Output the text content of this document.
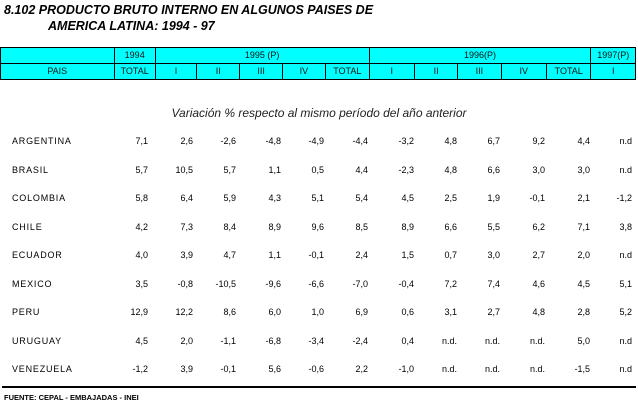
8.102 PRODUCTO BRUTO INTERNO EN ALGUNOS PAISES DE
AMERICA LATINA: 1994 - 97
	1994	1995 (P)					1996(P)					1997(P)
PAIS	TOTAL	I	II	III	IV	TOTAL	I	II	III	IV	TOTAL	I
Variación % respecto al mismo período del año anterior
ARGENTINA	7,1	2,6	-2,6	-4,8	-4,9	-4,4	-3,2	4,8	6,7	9,2	4,4	n.d
BRASIL	5,7	10,5	5,7	1,1	0,5	4,4	-2,3	4,8	6,6	3,0	3,0	n.d
COLOMBIA	5,8	6,4	5,9	4,3	5,1	5,4	4,5	2,5	1,9	-0,1	2,1	-1,2
CHILE	4,2	7,3	8,4	8,9	9,6	8,5	8,9	6,6	5,5	6,2	7,1	3,8
ECUADOR	4,0	3,9	4,7	1,1	-0,1	2,4	1,5	0,7	3,0	2,7	2,0	n.d
MEXICO	3,5	-0,8 -10,5	-9,6	-6,6	-7,0	-0,4	7,2	7,4	4,6	4,5	5,1
PERU	12,9	12,2	8,6	6,0	1,0	6,9	0,6	3,1	2,7	4,8	2,8	5,2
URUGUAY	4,5	2,0	-1,1	-6,8	-3,4	-2,4	0,4	n.d.	n.d.	n.d.	5,0	n.d
VENEZUELA	-1,2	3,9	-0,1	5,6	-0,6	2,2	-1,0	n.d.	n.d.	n.d.	-1,5	n.d
FUENTE: CEPAL - EMBAJADAS - INEI
